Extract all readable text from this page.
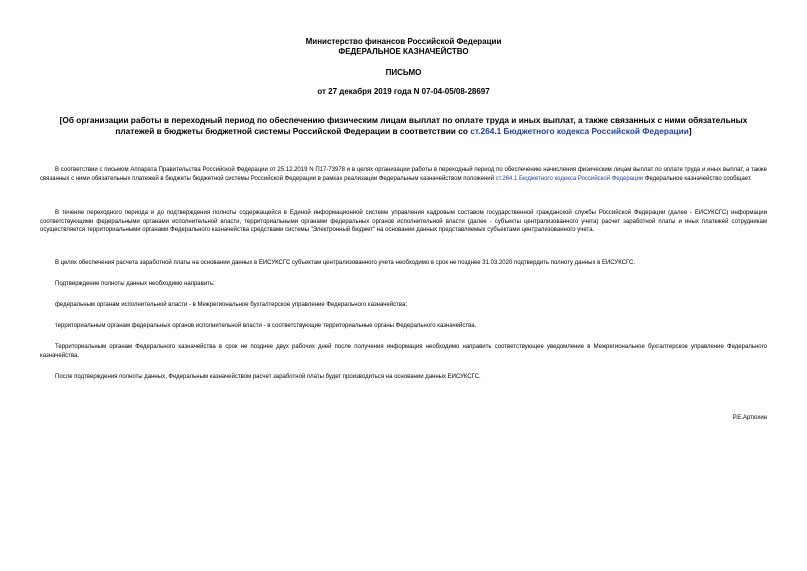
Министерство финансов Российской Федерации
ФЕДЕРАЛЬНОЕ КАЗНАЧЕЙСТВО
ПИСЬМО
от 27 декабря 2019 года N 07-04-05/08-28697
[Об организации работы в переходный период по обеспечению физическим лицам выплат по оплате труда и иных выплат, а также связанных с ними обязательных платежей в бюджеты бюджетной системы Российской Федерации в соответствии со ст.264.1 Бюджетного кодекса Российской Федерации]
В соответствии с письмом Аппарата Правительства Российской Федерации от 25.12.2019 N П17-73978 и в целях организации работы в переходный период по обеспечению начисления физическим лицам выплат по оплате труда и иных выплат, а также связанных с ними обязательных платежей в бюджеты бюджетной системы Российской Федерации в рамках реализации Федеральным казначейством положений ст.264.1 Бюджетного кодекса Российской Федерации Федеральное казначейство сообщает.
В течение переходного периода и до подтверждения полноты содержащейся в Единой информационной системе управления кадровым составом государственной гражданской службы Российской Федерации (далее - ЕИСУКСГС) информации соответствующими федеральными органами исполнительной власти, территориальными органами федеральных органов исполнительной власти (далее - субъекты централизованного учета) расчет заработной платы и иных платежей сотрудникам осуществляется территориальными органами Федерального казначейства средствами системы "Электронный бюджет" на основании данных представляемых субъектами централизованного учета.
В целях обеспечения расчета заработной платы на основании данных в ЕИСУКСГС субъектам централизованного учета необходимо в срок не позднее 31.03.2020 подтвердить полноту данных в ЕИСУКСГС.
Подтверждение полноты данных необходимо направить:
федеральным органам исполнительной власти - в Межрегиональное бухгалтерское управление Федерального казначейства;
территориальным органам федеральных органов исполнительной власти - в соответствующие территориальные органы Федерального казначейства.
Территориальным органам Федерального казначейства в срок не позднее двух рабочих дней после получения информация необходимо направить соответствующее уведомление в Межрегиональное бухгалтерское управление Федерального казначейства.
После подтверждения полноты данных, Федеральным казначейством расчет заработной платы будет производиться на основании данных ЕИСУКСГС.
Р.Е.Артюхин
